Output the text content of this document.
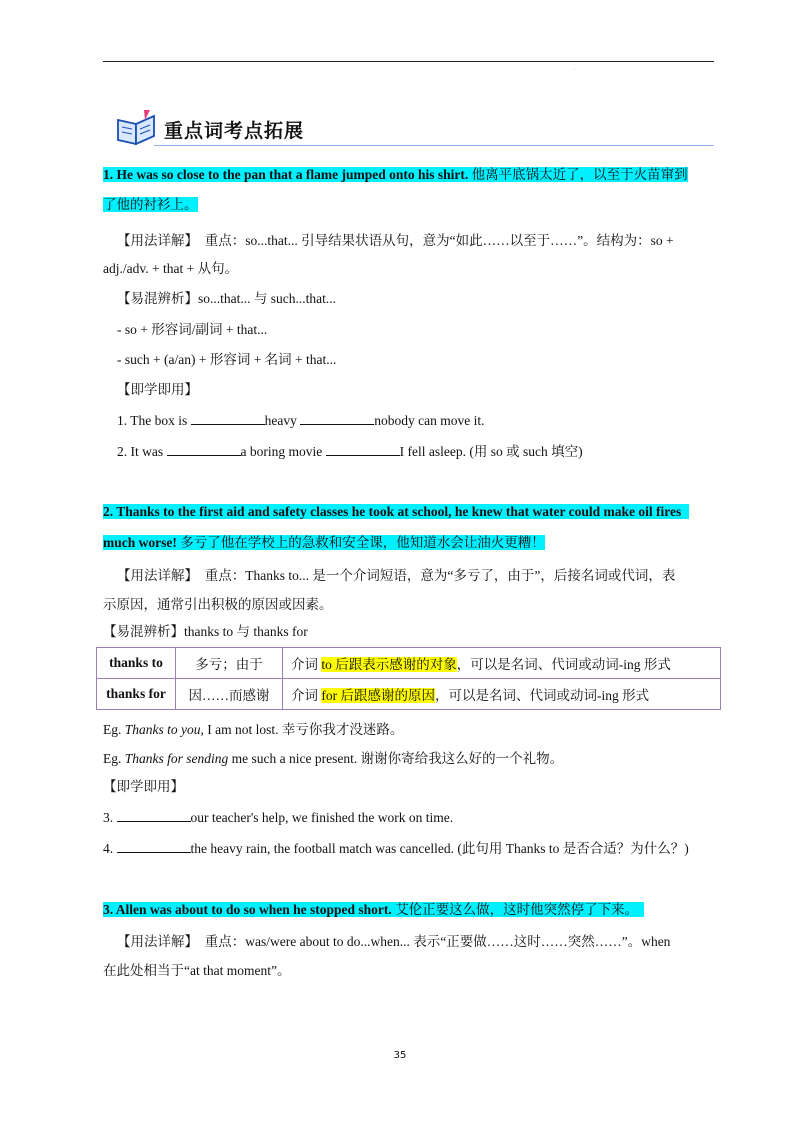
·
重点词考点拓展
1. He was so close to the pan that a flame jumped onto his shirt. 他离平底锅太近了，以至于火苗窜到
了他的衬衫上。
【用法详解】 重点：so...that... 引导结果状语从句，意为“如此……以至于……”。结构为：so +
adj./adv. + that + 从句。
【易混辨析】so...that... 与 such...that...
- so + 形容词/副词 + that...
- such + (a/an) + 形容词 + 名词 + that...
【即学即用】
1. The box is	heavy	nobody can move it.
2. It was	a boring movie	I fell asleep. (用 so 或 such 填空)
2. Thanks to the first aid and safety classes he took at school, he knew that water could make oil fires
much worse! 多亏了他在学校上的急救和安全课，他知道水会让油火更糟！
【用法详解】 重点：Thanks to... 是一个介词短语，意为“多亏了，由于”，后接名词或代词，表
示原因，通常引出积极的原因或因素。
【易混辨析】thanks to 与 thanks for
thanks to	多亏；由于	介词 to 后跟表示感谢的对象，可以是名词、代词或动词-ing 形式
thanks for	因……而感谢	介词 for 后跟感谢的原因，可以是名词、代词或动词-ing 形式
Eg. Thanks to you, I am not lost. 幸亏你我才没迷路。
Eg. Thanks for sending me such a nice present. 谢谢你寄给我这么好的一个礼物。
【即学即用】
3.	our teacher's help, we finished the work on time.
4.	the heavy rain, the football match was cancelled. (此句用 Thanks to 是否合适？为什么？)
3. Allen was about to do so when he stopped short. 艾伦正要这么做，这时他突然停了下来。
【用法详解】 重点：was/were about to do...when... 表示“正要做……这时……突然……”。when
在此处相当于“at that moment”。
35
